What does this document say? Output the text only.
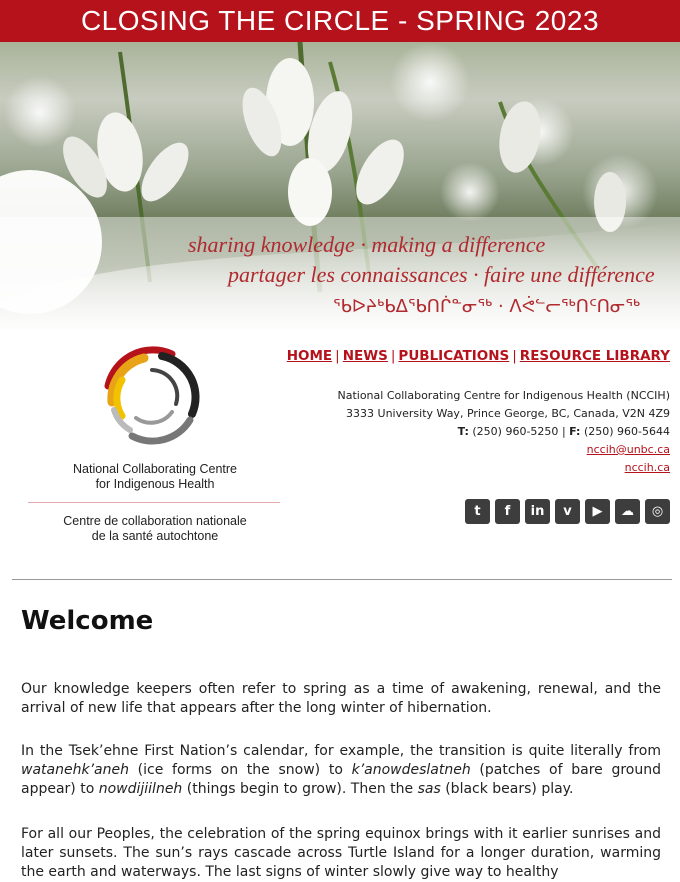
CLOSING THE CIRCLE - SPRING 2023
sharing knowledge · making a difference
partager les connaissances · faire une différence
ᖃᐅᔨᒃᑲᐃᖃᑎᒌᓐᓂᖅ · ᐱᕚᓪᓕᖅᑎᑦᑎᓂᖅ
National Collaborating Centre
for Indigenous Health
Centre de collaboration nationale
de la santé autochtone
HOME | NEWS | PUBLICATIONS | RESOURCE LIBRARY
National Collaborating Centre for Indigenous Health (NCCIH)
3333 University Way, Prince George, BC, Canada, V2N 4Z9
T: (250) 960-5250 | F: (250) 960-5644
nccih@unbc.ca
nccih.ca
t	f	in	v	▶	☁	◎
Welcome

Our knowledge keepers often refer to spring as a time of awakening, renewal, and the arrival of new life that appears after the long winter of hibernation.

In the Tsek’ehne First Nation’s calendar, for example, the transition is quite literally from watanehk’aneh (ice forms on the snow) to k’anowdeslatneh (patches of bare ground appear) to nowdijiilneh (things begin to grow). Then the sas (black bears) play.

For all our Peoples, the celebration of the spring equinox brings with it earlier sunrises and later sunsets. The sun’s rays cascade across Turtle Island for a longer duration, warming the earth and waterways. The last signs of winter slowly give way to healthy
